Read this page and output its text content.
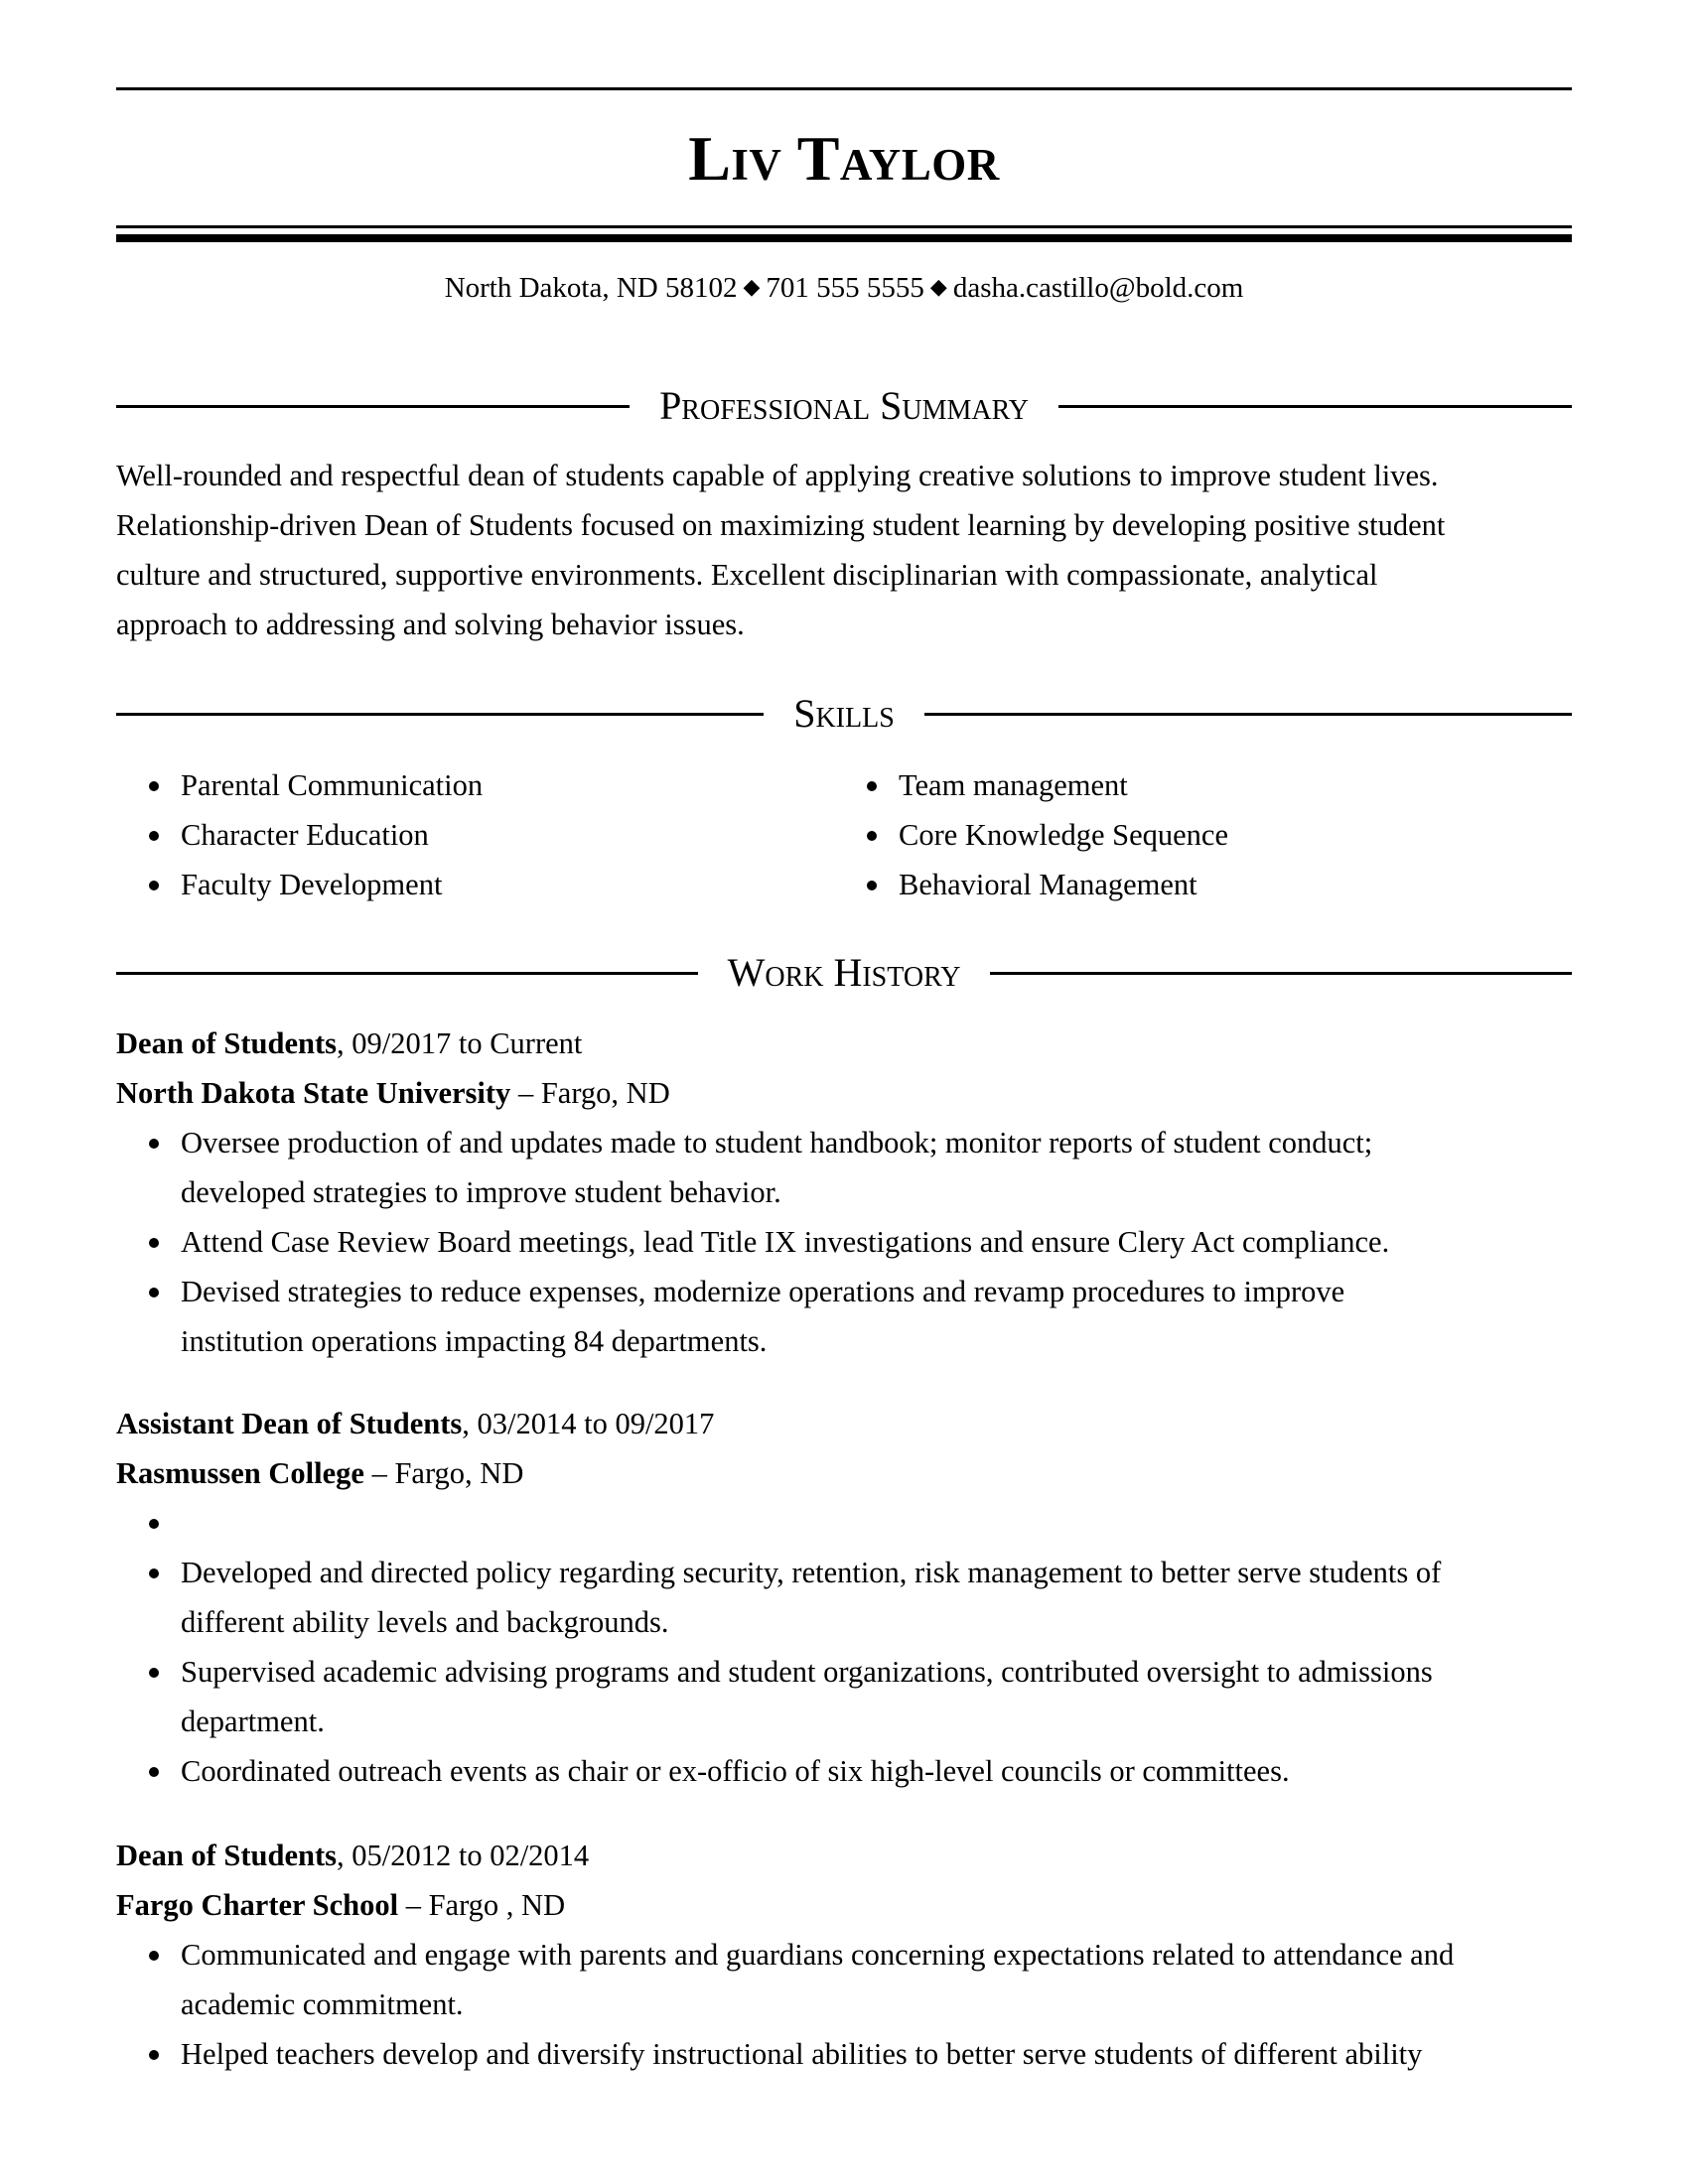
Liv Taylor
North Dakota, ND 58102 ◆ 701 555 5555 ◆ dasha.castillo@bold.com
Professional Summary
Well-rounded and respectful dean of students capable of applying creative solutions to improve student lives.
Relationship-driven Dean of Students focused on maximizing student learning by developing positive student
culture and structured, supportive environments. Excellent disciplinarian with compassionate, analytical
approach to addressing and solving behavior issues.
Skills
Parental Communication
Character Education
Faculty Development
Team management
Core Knowledge Sequence
Behavioral Management
Work History
Dean of Students, 09/2017 to Current
North Dakota State University – Fargo, ND
Oversee production of and updates made to student handbook; monitor reports of student conduct;
developed strategies to improve student behavior.
Attend Case Review Board meetings, lead Title IX investigations and ensure Clery Act compliance.
Devised strategies to reduce expenses, modernize operations and revamp procedures to improve
institution operations impacting 84 departments.
Assistant Dean of Students, 03/2014 to 09/2017
Rasmussen College – Fargo, ND
Developed and directed policy regarding security, retention, risk management to better serve students of
different ability levels and backgrounds.
Supervised academic advising programs and student organizations, contributed oversight to admissions
department.
Coordinated outreach events as chair or ex-officio of six high-level councils or committees.
Dean of Students, 05/2012 to 02/2014
Fargo Charter School – Fargo , ND
Communicated and engage with parents and guardians concerning expectations related to attendance and
academic commitment.
Helped teachers develop and diversify instructional abilities to better serve students of different ability
